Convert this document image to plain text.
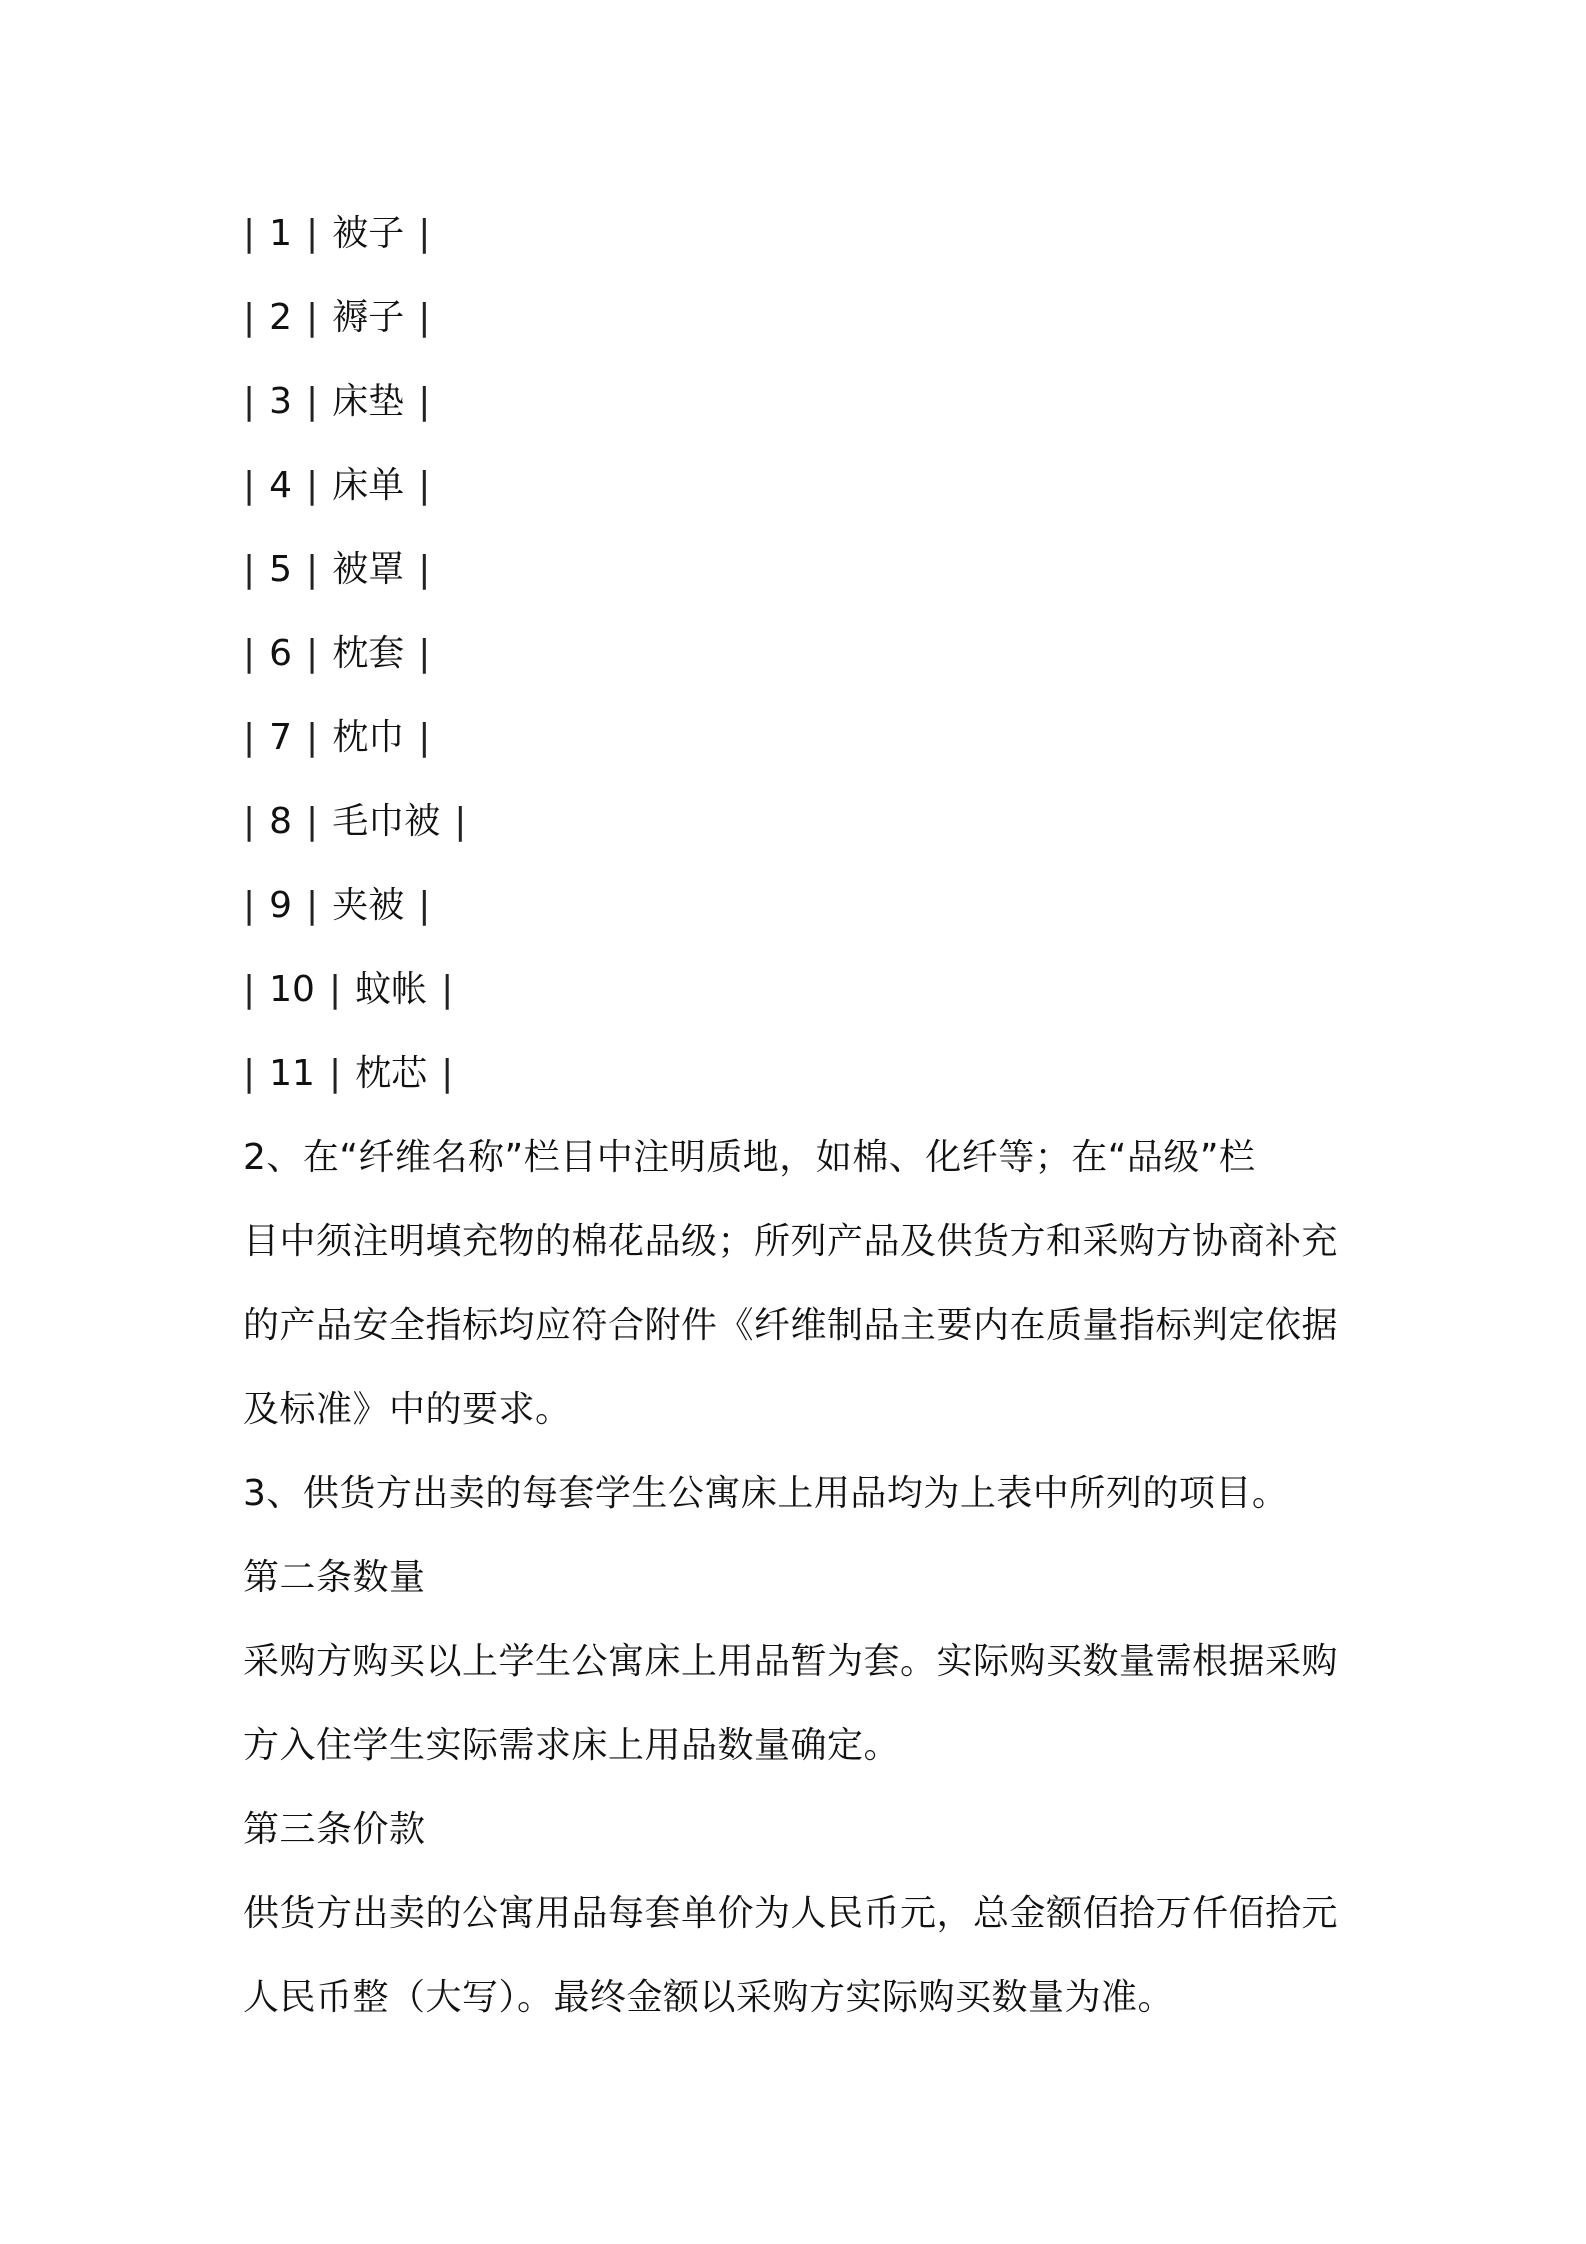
| 1 | 被子 |
| 2 | 褥子 |
| 3 | 床垫 |
| 4 | 床单 |
| 5 | 被罩 |
| 6 | 枕套 |
| 7 | 枕巾 |
| 8 | 毛巾被 |
| 9 | 夹被 |
| 10 | 蚊帐 |
| 11 | 枕芯 |
2、在“纤维名称”栏目中注明质地，如棉、化纤等；在“品级”栏
目中须注明填充物的棉花品级；所列产品及供货方和采购方协商补充
的产品安全指标均应符合附件《纤维制品主要内在质量指标判定依据
及标准》中的要求。
3、供货方出卖的每套学生公寓床上用品均为上表中所列的项目。
第二条数量
采购方购买以上学生公寓床上用品暂为套。实际购买数量需根据采购
方入住学生实际需求床上用品数量确定。
第三条价款
供货方出卖的公寓用品每套单价为人民币元，总金额佰拾万仟佰拾元
人民币整（大写）。最终金额以采购方实际购买数量为准。
